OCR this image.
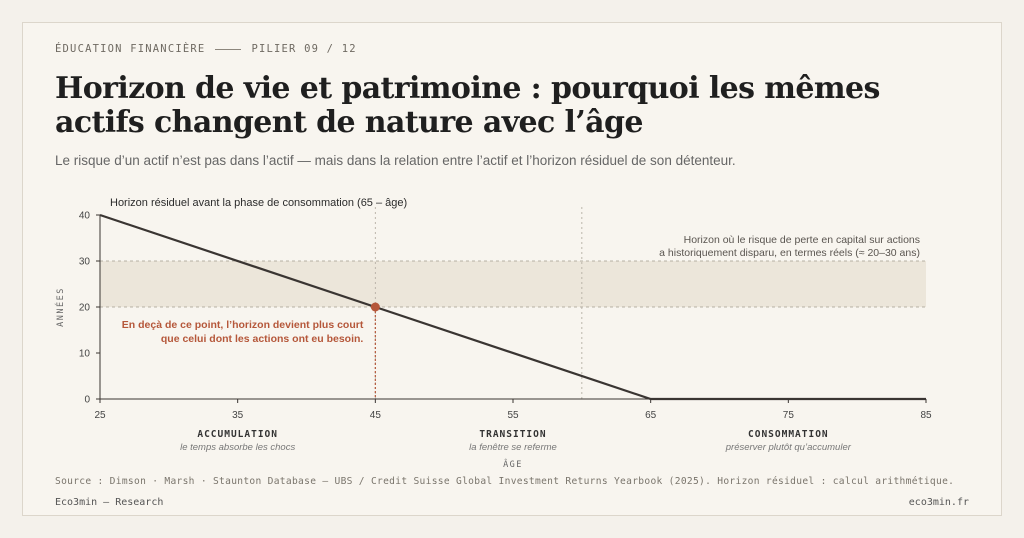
ÉDUCATION FINANCIÈRE	PILIER 09 / 12
Horizon de vie et patrimoine : pourquoi les mêmes actifs changent de nature avec l’âge

Le risque d’un actif n’est pas dans l’actif — mais dans la relation entre l’actif et l’horizon résiduel de son détenteur.

0
10
20
30
40
25	35	45	55	65	75	85
ANNÉES
ÂGE
Horizon résiduel avant la phase de consommation (65 – âge)
Horizon où le risque de perte en capital sur actions
a historiquement disparu, en termes réels (≈ 20–30 ans)
En deçà de ce point, l’horizon devient plus court
que celui dont les actions ont eu besoin.
ACCUMULATION
le temps absorbe les chocs
TRANSITION
la fenêtre se referme
CONSOMMATION
préserver plutôt qu’accumuler
Source : Dimson · Marsh · Staunton Database — UBS / Credit Suisse Global Investment Returns Yearbook (2025). Horizon résiduel : calcul arithmétique.
Eco3min — Research	eco3min.fr
